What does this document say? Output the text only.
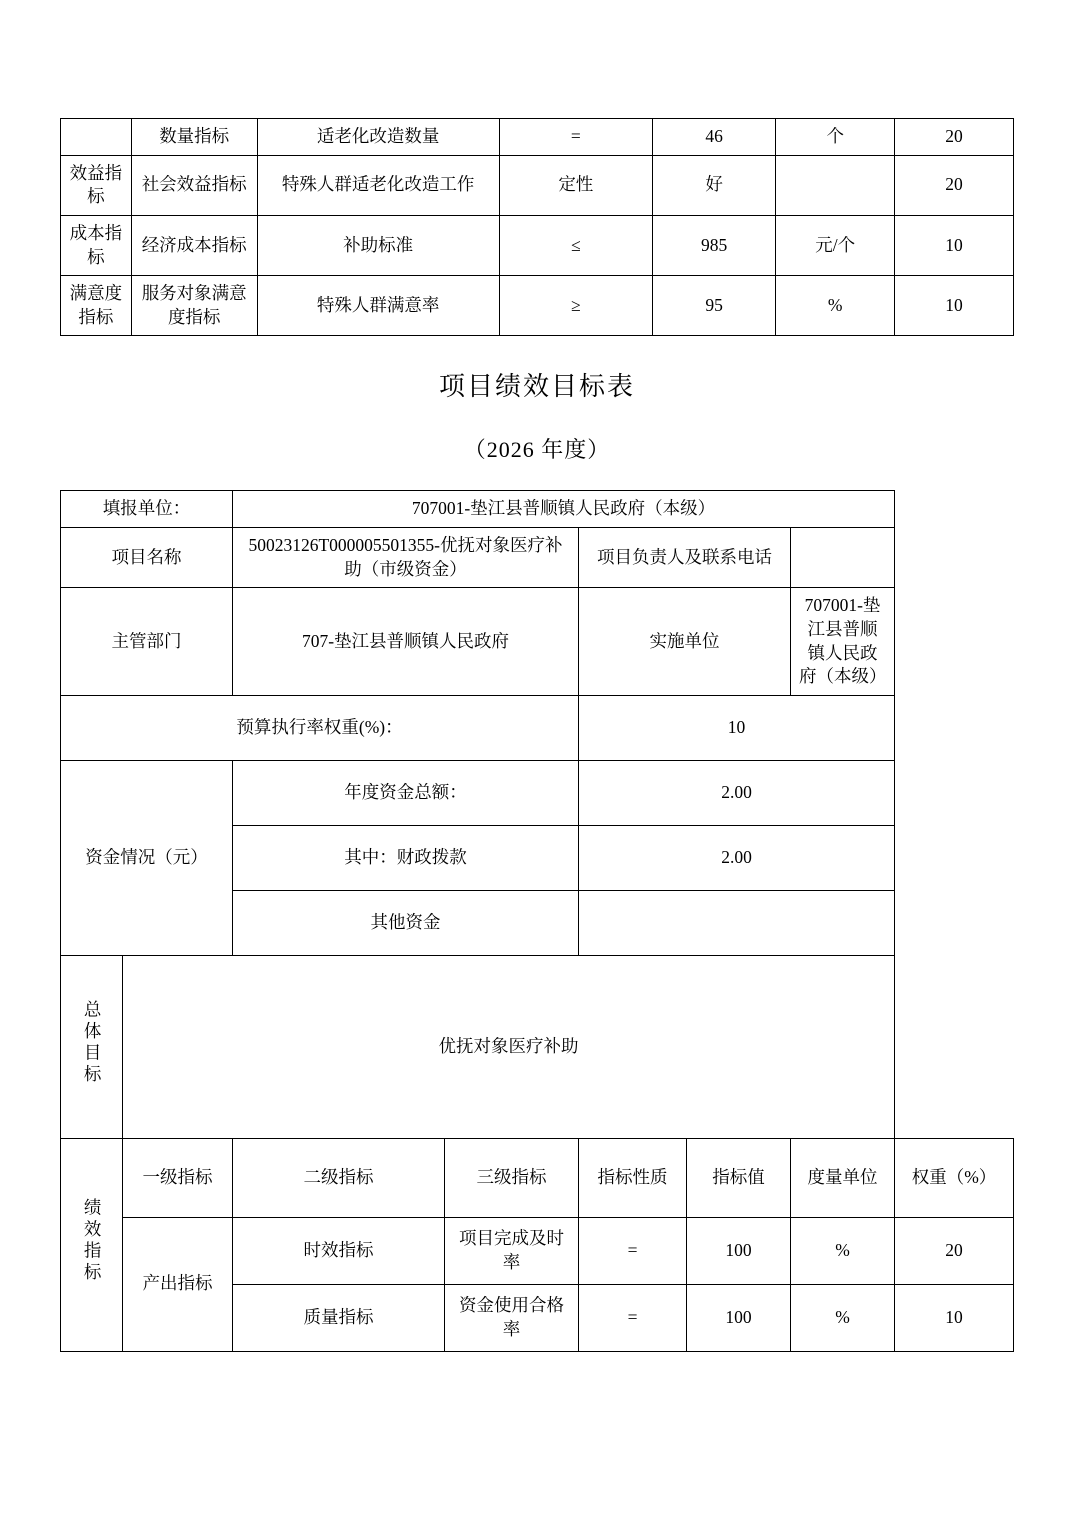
	数量指标	适老化改造数量	=	46	个	20
效益指标	社会效益指标	特殊人群适老化改造工作	定性	好		20
成本指标	经济成本指标	补助标准	≤	985	元/个	10
满意度指标	服务对象满意度指标	特殊人群满意率	≥	95	%	10
项目绩效目标表
（2026 年度）
填报单位：		707001-垫江县普顺镇人民政府（本级）					
项目名称		50023126T000005501355-优抚对象医疗补助（市级资金）		项目负责人及联系电话			
主管部门		707-垫江县普顺镇人民政府		实施单位		707001-垫江县普顺镇人民政府（本级）	
预算执行率权重(%)：				10			
资金情况（元）		年度资金总额：		2.00			
		其中：财政拨款		2.00			
		其他资金					
总体目标	优抚对象医疗补助						
绩效指标	一级指标	二级指标	三级指标	指标性质	指标值	度量单位	权重（%）
	产出指标	时效指标	项目完成及时率	=	100	%	20
		质量指标	资金使用合格率	=	100	%	10
